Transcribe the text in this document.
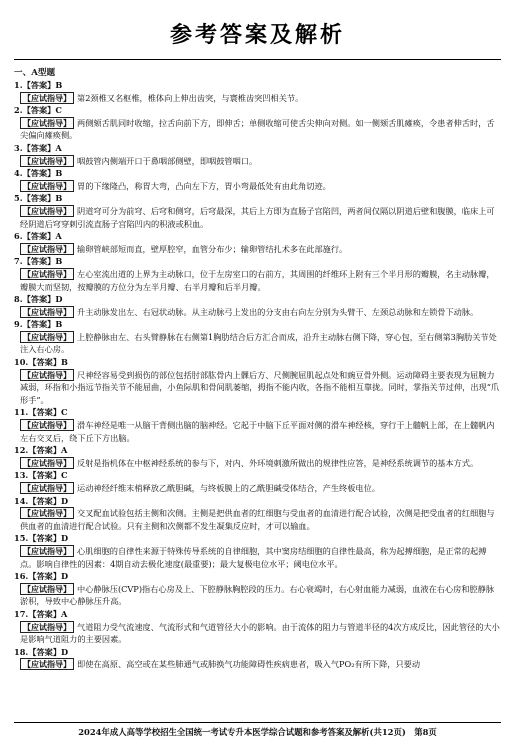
参考答案及解析
一、A型题
1.【答案】B
【应试指导】 第2颈椎又名枢椎，椎体向上伸出齿突，与寰椎齿突凹相关节。
2.【答案】C
【应试指导】 两侧颏舌肌同时收缩，拉舌向前下方，即伸舌；单侧收缩可使舌尖伸向对侧。如一侧颏舌肌瘫痪，令患者伸舌时，舌尖偏向瘫痪侧。
3.【答案】A
【应试指导】 咽鼓管内侧端开口于鼻咽部侧壁，即咽鼓管咽口。
4.【答案】B
【应试指导】 胃的下缘隆凸，称胃大弯，凸向左下方，胃小弯最低处有由此角切迹。
5.【答案】B
【应试指导】 阴道穹可分为前穹、后穹和侧穹，后穹最深，其后上方即为直肠子宫陷凹，两者间仅隔以阴道后壁和腹膜，临床上可经阴道后穹穿刺引流直肠子宫陷凹内的积液或积血。
6.【答案】A
【应试指导】 输卵管峡部短而直，壁厚腔窄，血管分布少；输卵管结扎术多在此部施行。
7.【答案】B
【应试指导】 左心室流出道的上界为主动脉口，位于左房室口的右前方，其周围的纤维环上附有三个半月形的瓣膜，名主动脉瓣，瓣膜大而坚韧，按瓣膜的方位分为左半月瓣、右半月瓣和后半月瓣。
8.【答案】D
【应试指导】 升主动脉发出左、右冠状动脉。从主动脉弓上发出的分支由右向左分别为头臂干、左颈总动脉和左锁骨下动脉。
9.【答案】B
【应试指导】 上腔静脉由左、右头臂静脉在右侧第1胸肋结合后方汇合而成，沿升主动脉右侧下降，穿心包，至右侧第3胸肋关节处注入右心房。
10.【答案】B
【应试指导】 尺神经容易受到损伤的部位包括肘部肱骨内上髁后方、尺侧腕屈肌起点处和豌豆骨外侧。运动障碍主要表现为屈腕力减弱，环指和小指远节指关节不能屈曲，小鱼际肌和骨间肌萎缩，拇指不能内收，各指不能相互靠拢。同时，掌指关节过伸，出现“爪形手”。
11.【答案】C
【应试指导】 滑车神经是唯一从脑干背侧出脑的脑神经。它起于中脑下丘平面对侧的滑车神经核，穿行于上髓帆上部，在上髓帆内左右交叉后，绕下丘下方出脑。
12.【答案】A
【应试指导】 反射是指机体在中枢神经系统的参与下，对内、外环境刺激所做出的规律性应答，是神经系统调节的基本方式。
13.【答案】C
【应试指导】 运动神经纤维末梢释放乙酰胆碱，与终板膜上的乙酰胆碱受体结合，产生终板电位。
14.【答案】D
【应试指导】 交叉配血试验包括主侧和次侧。主侧是把供血者的红细胞与受血者的血清进行配合试验，次侧是把受血者的红细胞与供血者的血清进行配合试验。只有主侧和次侧都不发生凝集反应时，才可以输血。
15.【答案】D
【应试指导】 心肌细胞的自律性来源于特殊传导系统的自律细胞，其中窦房结细胞的自律性最高，称为起搏细胞，是正常的起搏点。影响自律性的因素：4期自动去极化速度(最重要)；最大复极电位水平；阈电位水平。
16.【答案】D
【应试指导】 中心静脉压(CVP)指右心房及上、下腔静脉胸腔段的压力。右心衰竭时，右心射血能力减弱，血液在右心房和腔静脉淤积，导致中心静脉压升高。
17.【答案】A
【应试指导】 气道阻力受气流速度、气流形式和气道管径大小的影响。由于流体的阻力与管道半径的4次方成反比，因此管径的大小是影响气道阻力的主要因素。
18.【答案】D
【应试指导】 即使在高原、高空或在某些肺通气或肺换气功能障碍性疾病患者，吸入气PO₂有所下降，只要动
2024年成人高等学校招生全国统一考试专升本医学综合试题和参考答案及解析(共12页)　第8页
